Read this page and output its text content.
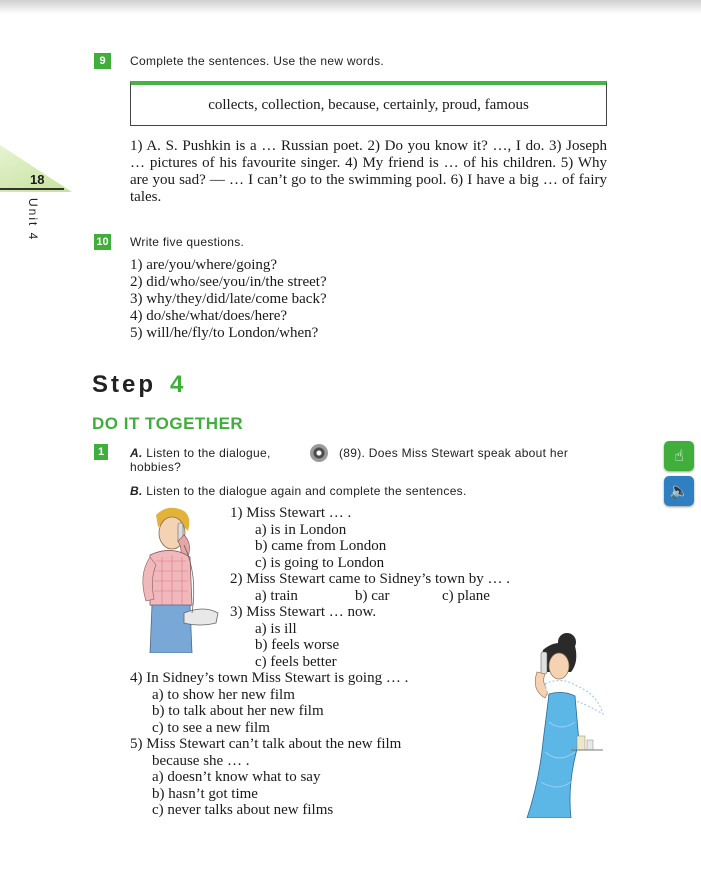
18
Unit 4
9	Complete the sentences. Use the new words.
collects, collection, because, certainly, proud, famous
1) A. S. Pushkin is a … Russian poet. 2) Do you know it? …, I do. 3) Joseph … pictures of his favourite singer. 4) My friend is … of his children. 5) Why are you sad? — … I can’t go to the swimming pool. 6) I have a big … of fairy tales.
10 Write five questions.
1) are/you/where/going?
2) did/who/see/you/in/the street?
3) why/they/did/late/come back?
4) do/she/what/does/here?
5) will/he/fly/to London/when?
Step 4
DO IT TOGETHER
1	A. Listen to the dialogue,	(89). Does Miss Stewart speak about her
hobbies?
B. Listen to the dialogue again and complete the sentences.
☝
🔈
1) Miss Stewart … .
a) is in London
b) came from London
c) is going to London
2) Miss Stewart came to Sidney’s town by … .
a) train	b) car	c) plane
3) Miss Stewart … now.
a) is ill
b) feels worse
c) feels better
4) In Sidney’s town Miss Stewart is going … .
a) to show her new film
b) to talk about her new film
c) to see a new film
5) Miss Stewart can’t talk about the new film
because she … .
a) doesn’t know what to say
b) hasn’t got time
c) never talks about new films
